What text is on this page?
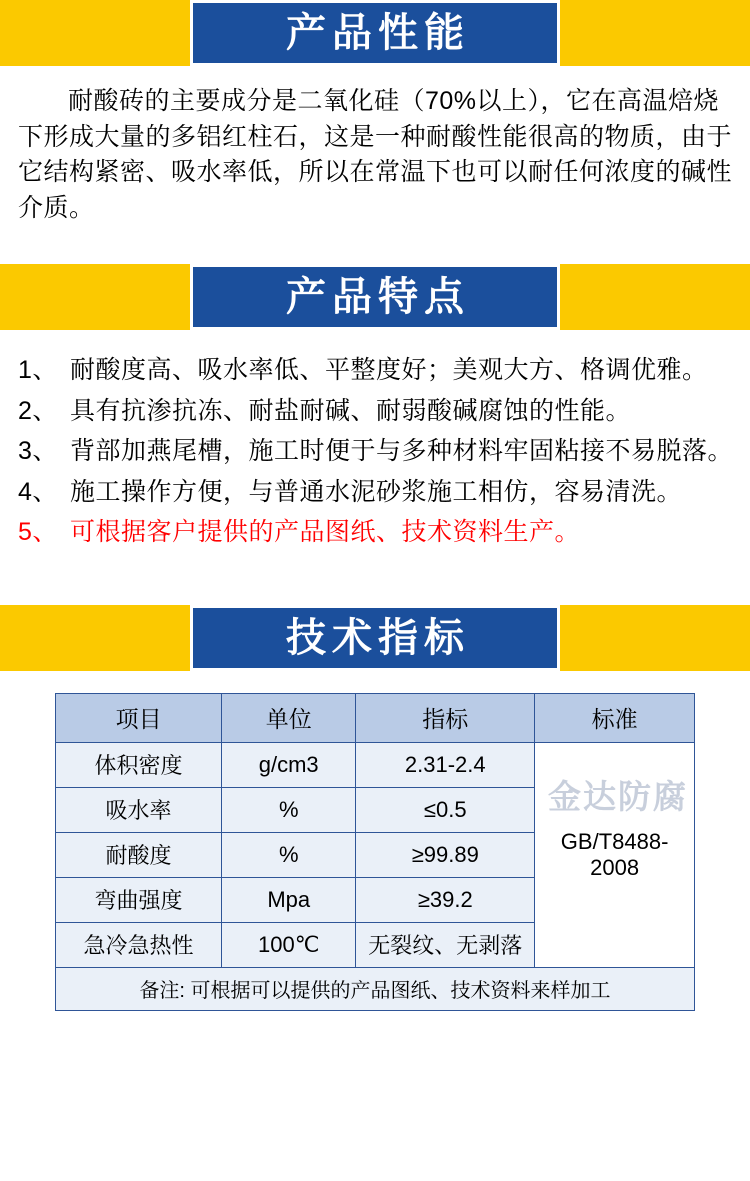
产品性能

耐酸砖的主要成分是二氧化硅（70%以上），它在高温焙烧下形成大量的多铝红柱石，这是一种耐酸性能很高的物质，由于它结构紧密、吸水率低，所以在常温下也可以耐任何浓度的碱性介质。

产品特点
1、 耐酸度高、吸水率低、平整度好；美观大方、格调优雅。
2、 具有抗渗抗冻、耐盐耐碱、耐弱酸碱腐蚀的性能。
3、 背部加燕尾槽，施工时便于与多种材料牢固粘接不易脱落。
4、 施工操作方便，与普通水泥砂浆施工相仿，容易清洗。
5、 可根据客户提供的产品图纸、技术资料生产。
技术指标
金达防腐
项目	单位	指标	标准
体积密度	g/cm3	2.31-2.4	GB/T8488-2008
吸水率	%	≤0.5	
耐酸度	%	≥99.89	
弯曲强度	Mpa	≥39.2	
急冷急热性	100℃	无裂纹、无剥落	
备注: 可根据可以提供的产品图纸、技术资料来样加工			
